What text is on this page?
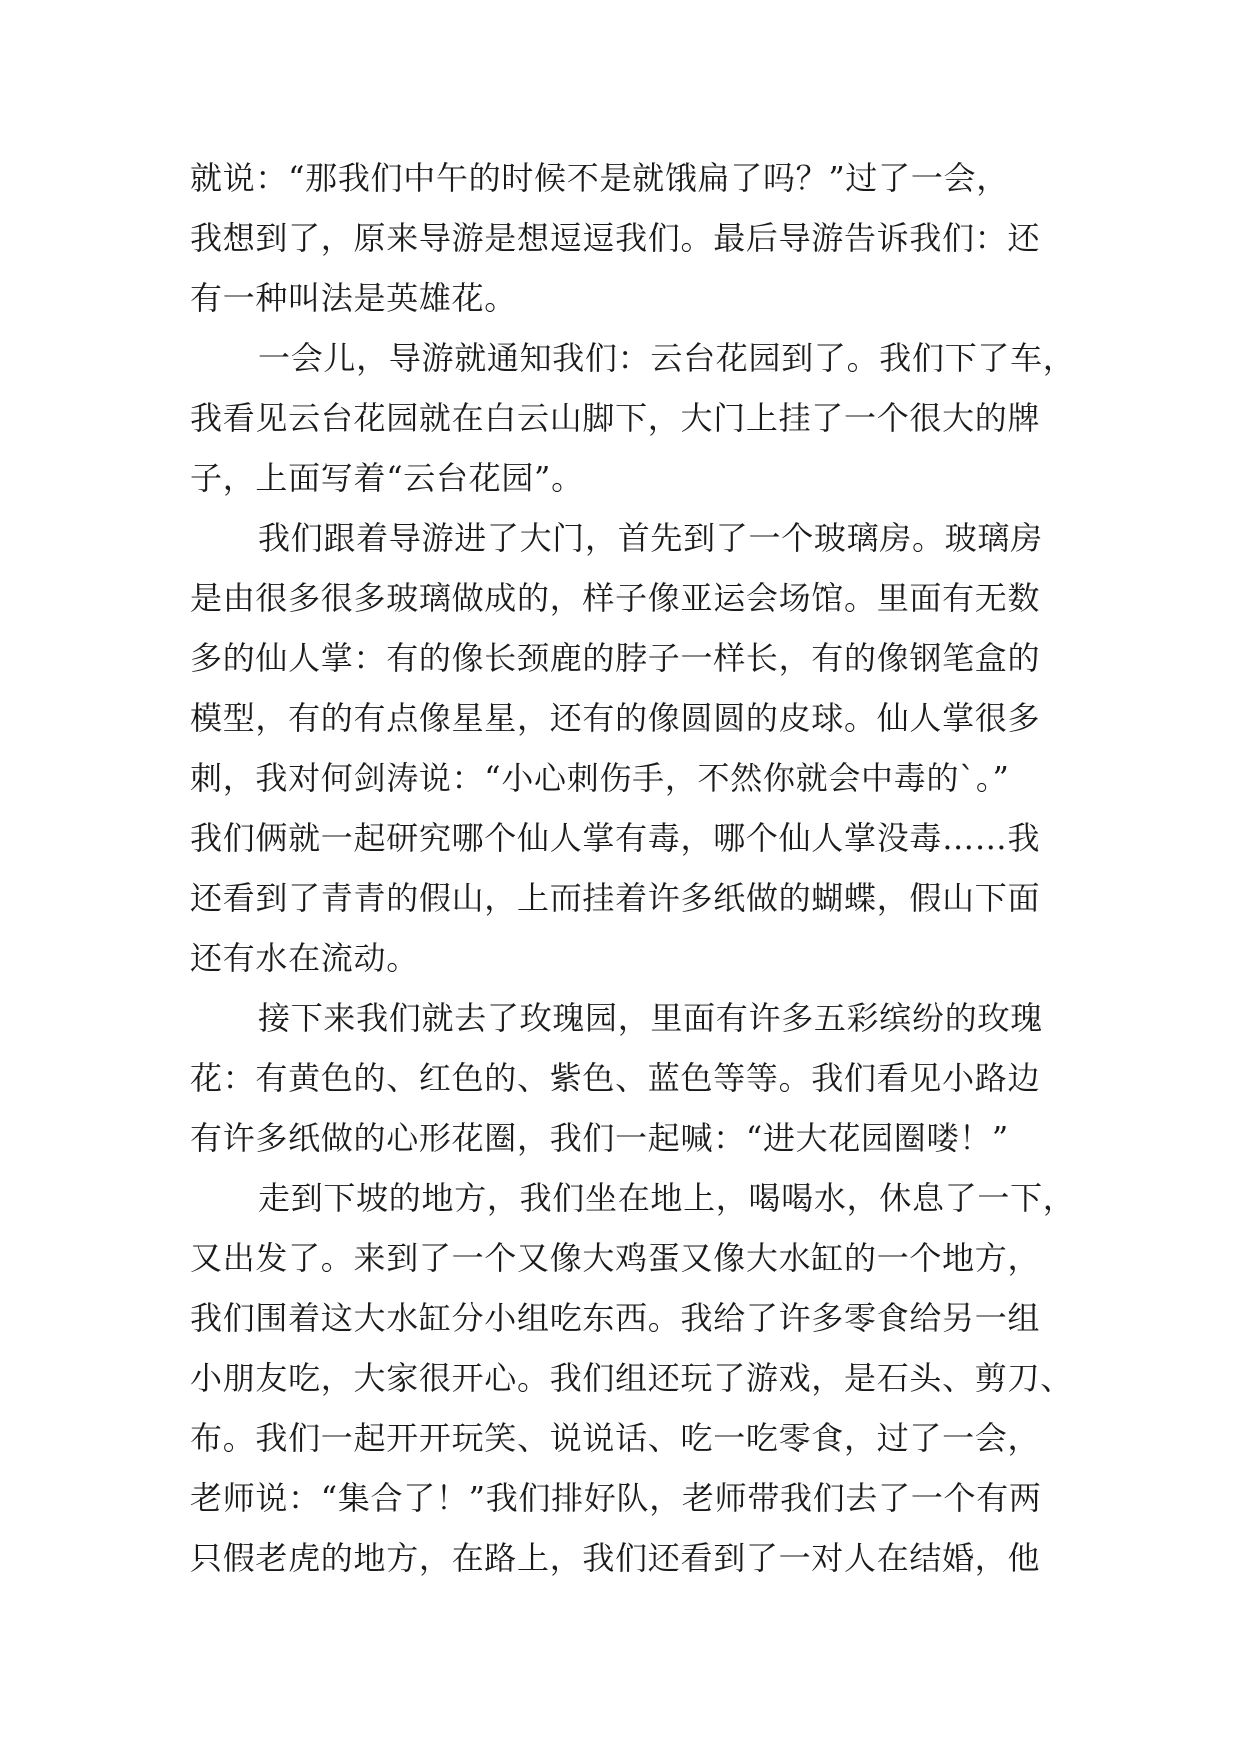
就说：“那我们中午的时候不是就饿扁了吗？”过了一会，
我想到了，原来导游是想逗逗我们。最后导游告诉我们：还
有一种叫法是英雄花。
一会儿，导游就通知我们：云台花园到了。我们下了车，
我看见云台花园就在白云山脚下，大门上挂了一个很大的牌
子，上面写着“云台花园”。
我们跟着导游进了大门，首先到了一个玻璃房。玻璃房
是由很多很多玻璃做成的，样子像亚运会场馆。里面有无数
多的仙人掌：有的像长颈鹿的脖子一样长，有的像钢笔盒的
模型，有的有点像星星，还有的像圆圆的皮球。仙人掌很多
刺，我对何剑涛说：“小心刺伤手，不然你就会中毒的`。”
我们俩就一起研究哪个仙人掌有毒，哪个仙人掌没毒……我
还看到了青青的假山，上而挂着许多纸做的蝴蝶，假山下面
还有水在流动。
接下来我们就去了玫瑰园，里面有许多五彩缤纷的玫瑰
花：有黄色的、红色的、紫色、蓝色等等。我们看见小路边
有许多纸做的心形花圈，我们一起喊：“进大花园圈喽！”
走到下坡的地方，我们坐在地上，喝喝水，休息了一下，
又出发了。来到了一个又像大鸡蛋又像大水缸的一个地方，
我们围着这大水缸分小组吃东西。我给了许多零食给另一组
小朋友吃，大家很开心。我们组还玩了游戏，是石头、剪刀、
布。我们一起开开玩笑、说说话、吃一吃零食，过了一会，
老师说：“集合了！”我们排好队，老师带我们去了一个有两
只假老虎的地方，在路上，我们还看到了一对人在结婚，他
